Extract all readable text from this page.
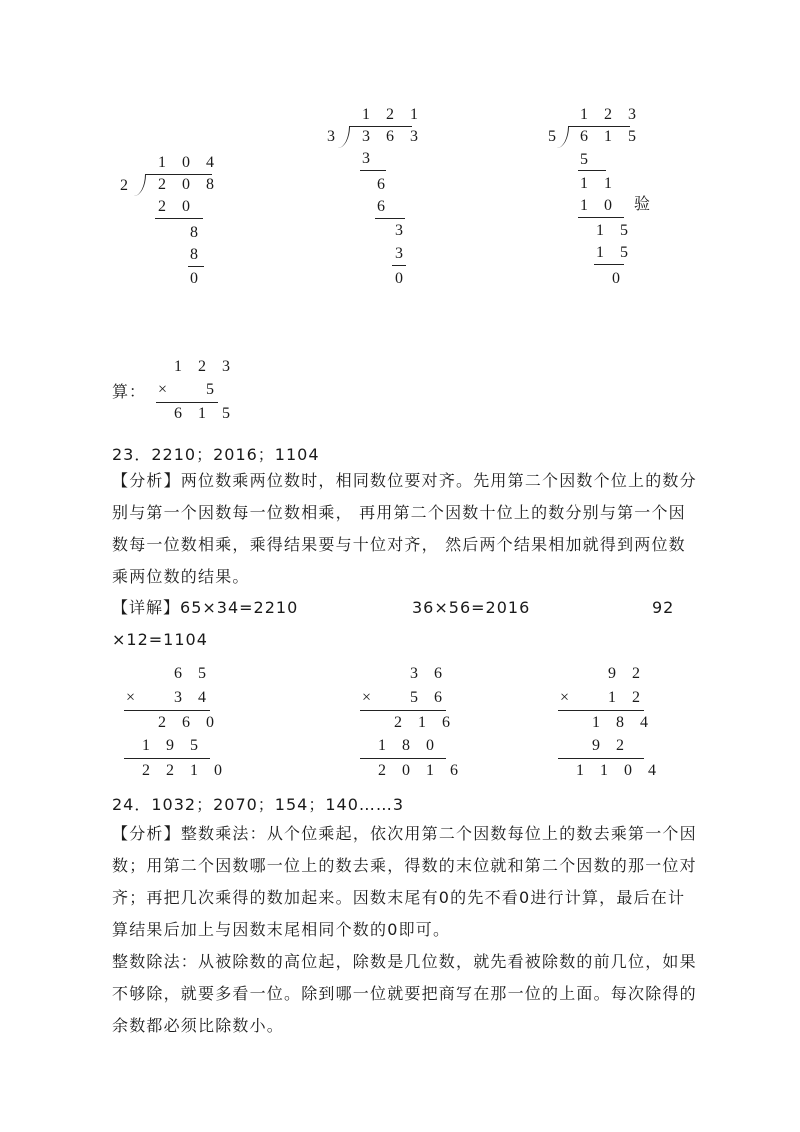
1 0 4
2 2 0 8
2 0
8
8
0
1 2 1
3 3 6 3
3
6
6
3
3
0
1 2 3
5 6 1 5
5
1 1
1 0 验
1 5
1 5
0
算：
1 2 3
× 5
6 1 5
23．2210；2016；1104
【分析】两位数乘两位数时，相同数位要对齐。先用第二个因数个位上的数分别与第一个因数每一位数相乘， 再用第二个因数十位上的数分别与第一个因数每一位数相乘，乘得结果要与十位对齐， 然后两个结果相加就得到两位数乘两位数的结果。
【详解】65×34=2210	36×56=2016	92
×12=1104
6 5
× 3 4
2 6 0
1 9 5
2 2 1 0
3 6
× 5 6
2 1 6
1 8 0
2 0 1 6
9 2
× 1 2
1 8 4
9 2
1 1 0 4
24．1032；2070；154；140……3
【分析】整数乘法：从个位乘起，依次用第二个因数每位上的数去乘第一个因数；用第二个因数哪一位上的数去乘，得数的末位就和第二个因数的那一位对齐；再把几次乘得的数加起来。因数末尾有0的先不看0进行计算，最后在计算结果后加上与因数末尾相同个数的0即可。
整数除法：从被除数的高位起，除数是几位数，就先看被除数的前几位，如果不够除，就要多看一位。除到哪一位就要把商写在那一位的上面。每次除得的余数都必须比除数小。
